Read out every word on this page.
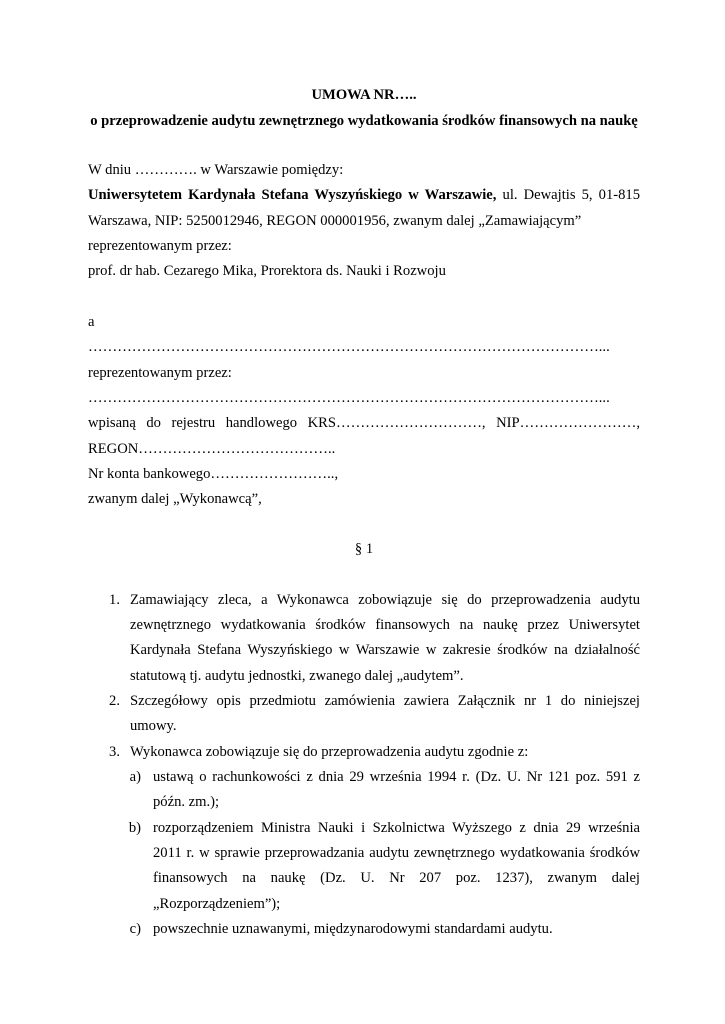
UMOWA NR…..
o przeprowadzenie audytu zewnętrznego wydatkowania środków finansowych na naukę
W dniu …………. w Warszawie pomiędzy:
Uniwersytetem Kardynała Stefana Wyszyńskiego w Warszawie, ul. Dewajtis 5, 01-815
Warszawa, NIP: 5250012946, REGON 000001956, zwanym dalej „Zamawiającym”
reprezentowanym przez:
prof. dr hab. Cezarego Mika, Prorektora ds. Nauki i Rozwoju
a
……………………………………………………………………………………………...
reprezentowanym przez:
……………………………………………………………………………………………...
wpisaną do rejestru handlowego KRS…………………………, NIP……………………,
REGON…………………………………..
Nr konta bankowego……………………..,
zwanym dalej „Wykonawcą”,
§ 1
1. Zamawiający zleca, a Wykonawca zobowiązuje się do przeprowadzenia audytu
zewnętrznego wydatkowania środków finansowych na naukę przez Uniwersytet
Kardynała Stefana Wyszyńskiego w Warszawie w zakresie środków na działalność
statutową tj. audytu jednostki, zwanego dalej „audytem”.
2. Szczegółowy opis przedmiotu zamówienia zawiera Załącznik nr 1 do niniejszej
umowy.
3. Wykonawca zobowiązuje się do przeprowadzenia audytu zgodnie z:
a) ustawą o rachunkowości z dnia 29 września 1994 r. (Dz. U. Nr 121 poz. 591 z
późn. zm.);
b) rozporządzeniem Ministra Nauki i Szkolnictwa Wyższego z dnia 29 września
2011 r. w sprawie przeprowadzania audytu zewnętrznego wydatkowania środków
finansowych na naukę (Dz. U. Nr 207 poz. 1237), zwanym dalej
„Rozporządzeniem”);
c) powszechnie uznawanymi, międzynarodowymi standardami audytu.
